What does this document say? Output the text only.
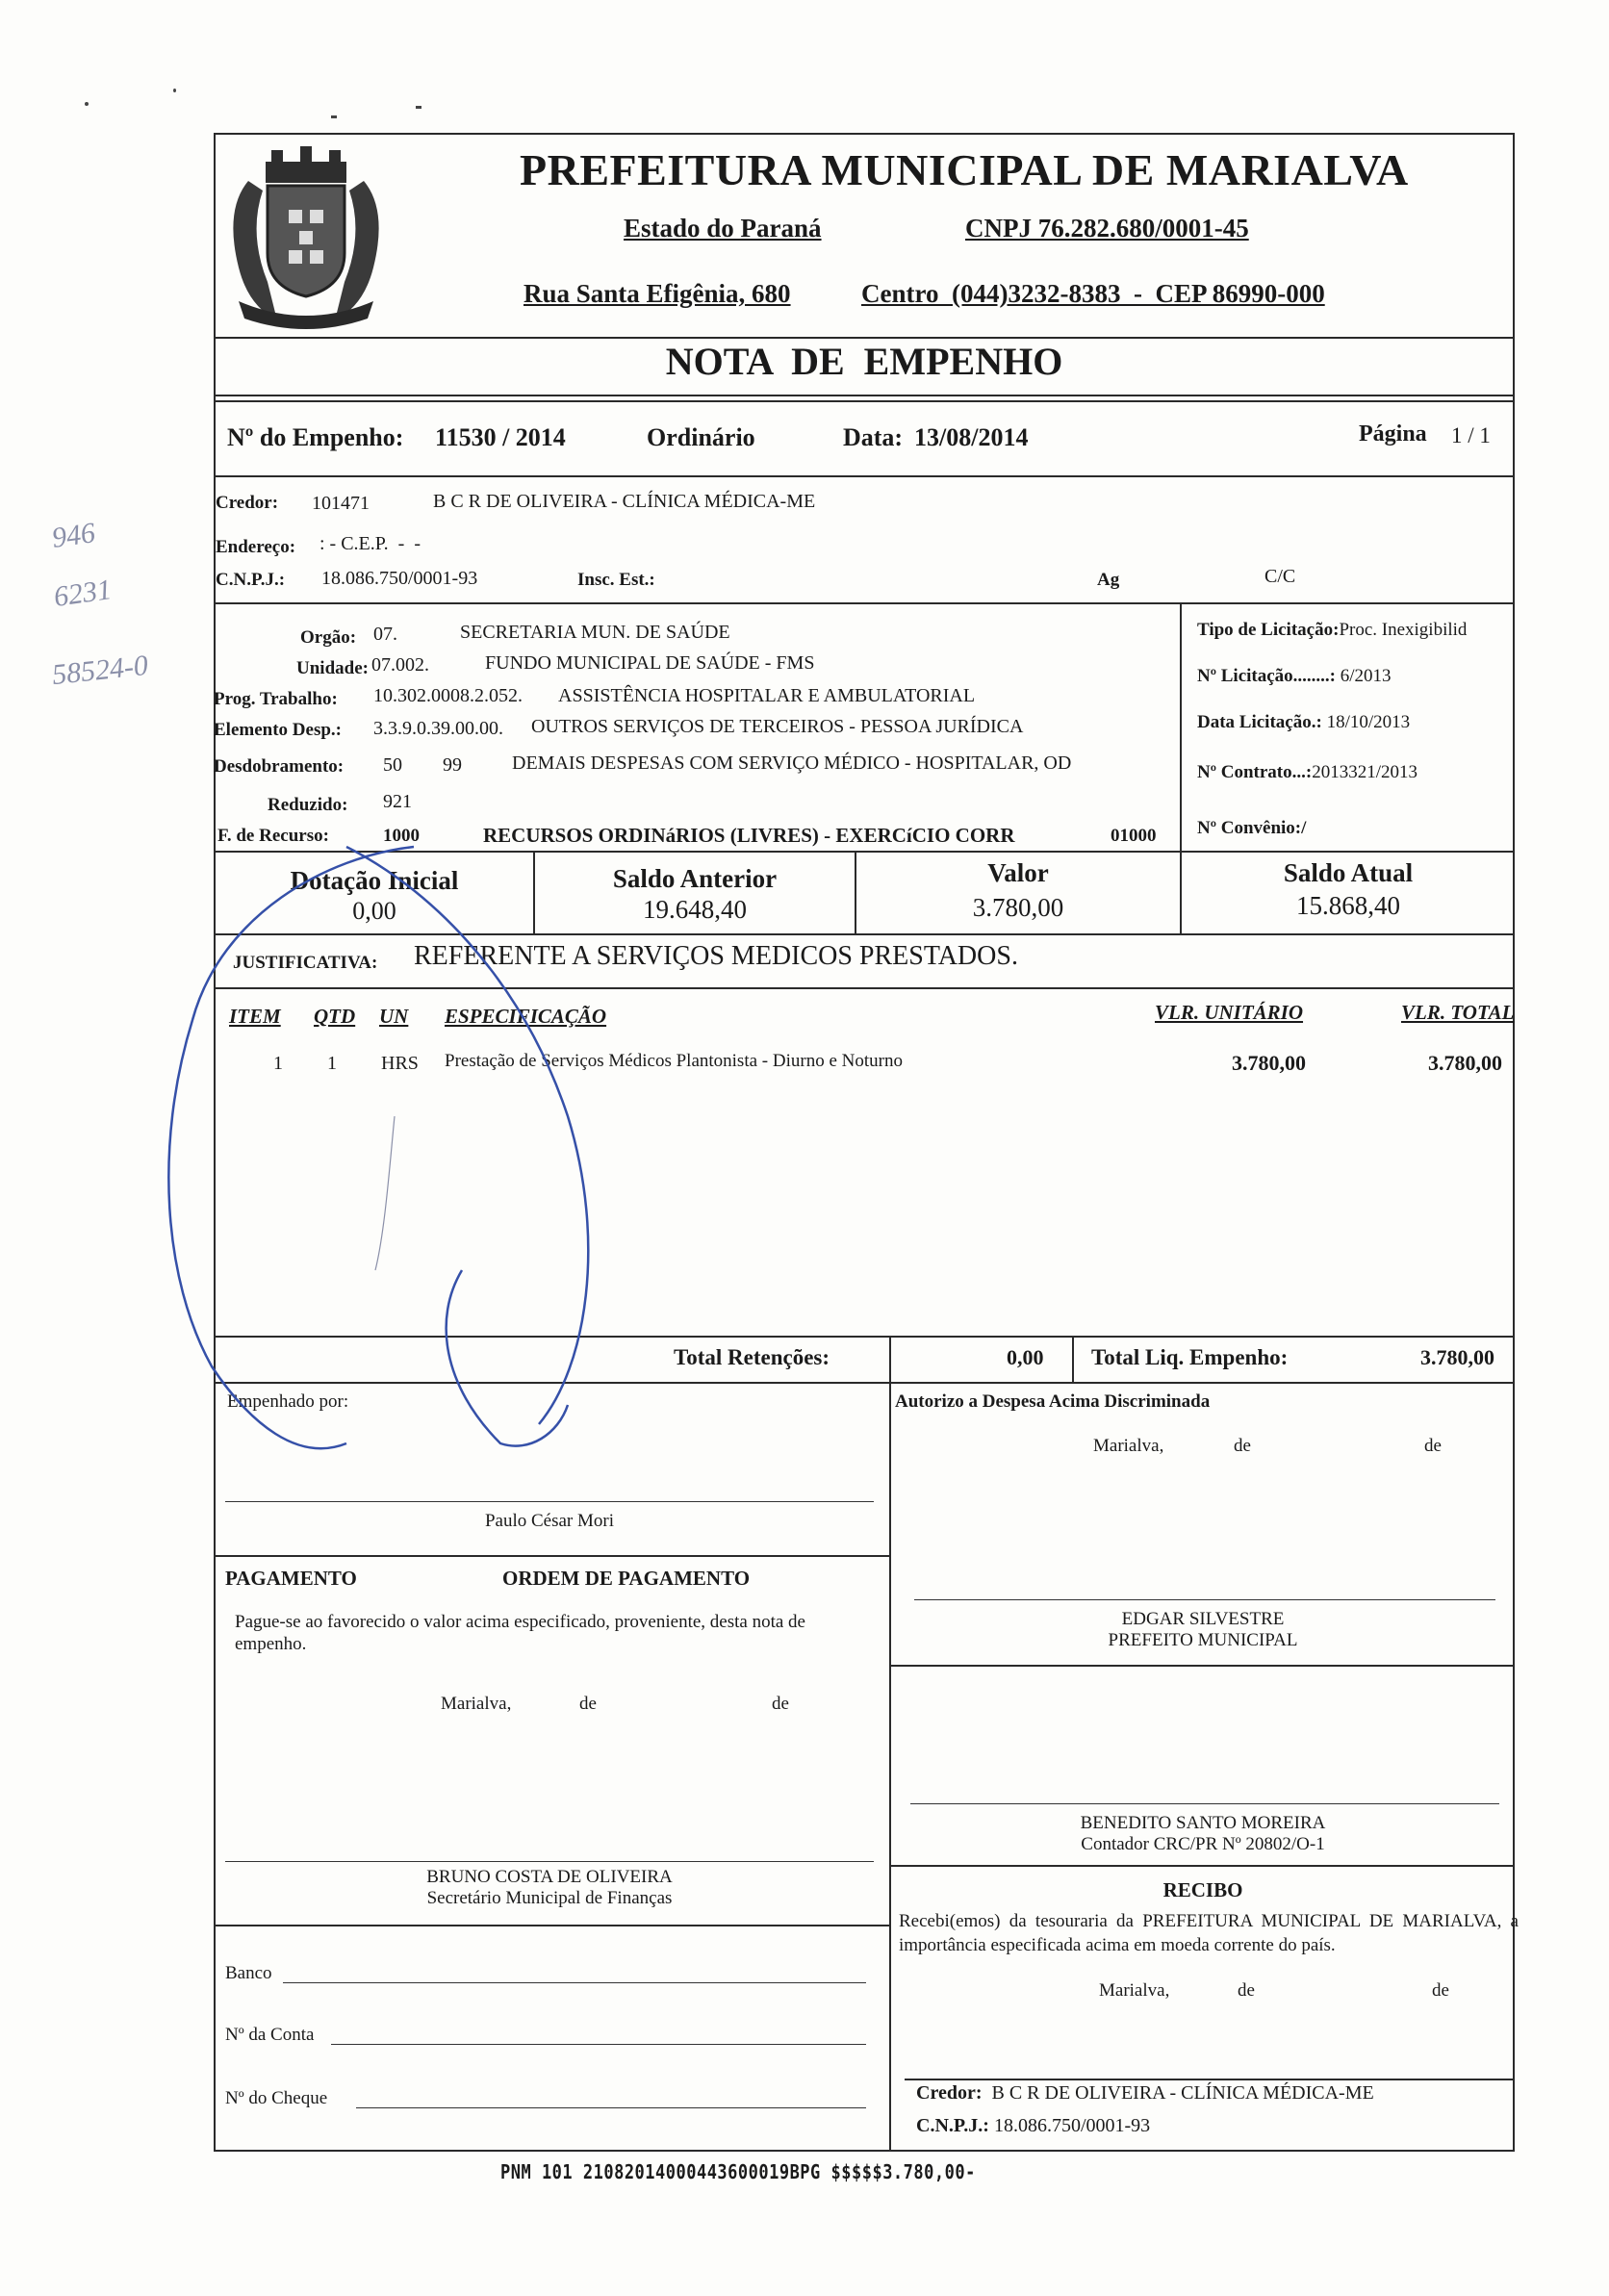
PREFEITURA MUNICIPAL DE MARIALVA
Estado do Paraná	CNPJ 76.282.680/0001-45
Rua Santa Efigênia, 680	Centro  (044)3232-8383  -  CEP 86990-000
NOTA  DE  EMPENHO
Nº do Empenho: 11530 / 2014	Ordinário	Data: 13/08/2014	Página 1 / 1
Credor: 101471	B C R DE OLIVEIRA - CLÍNICA MÉDICA-ME
Endereço: : - C.E.P.  -  -
C.N.P.J.: 18.086.750/0001-93	Insc. Est.:	Ag	C/C
Orgão: 07.	SECRETARIA MUN. DE SAÚDE
Unidade: 07.002.	FUNDO MUNICIPAL DE SAÚDE - FMS
Prog. Trabalho: 10.302.0008.2.052. ASSISTÊNCIA HOSPITALAR E AMBULATORIAL
Elemento Desp.: 3.3.9.0.39.00.00. OUTROS SERVIÇOS DE TERCEIROS - PESSOA JURÍDICA
Desdobramento: 50 99	DEMAIS DESPESAS COM SERVIÇO MÉDICO - HOSPITALAR, OD
Reduzido: 921
F. de Recurso:	1000	RECURSOS ORDINáRIOS (LIVRES) - EXERCíCIO CORR	01000
Tipo de Licitação:Proc. Inexigibilid
Nº Licitação........: 6/2013
Data Licitação.: 18/10/2013
Nº Contrato...:2013321/2013
Nº Convênio:/
Dotação Inicial
0,00
Saldo Anterior
19.648,40
Valor
3.780,00
Saldo Atual
15.868,40
JUSTIFICATIVA: REFERENTE A SERVIÇOS MEDICOS PRESTADOS.
ITEM QTD UN ESPECIFICAÇÃO	VLR. UNITÁRIO	VLR. TOTAL
1 1 HRS Prestação de Serviços Médicos Plantonista - Diurno e Noturno	3.780,00	3.780,00
Total Retenções:	0,00 Total Liq. Empenho:	3.780,00
Empenhado por:
Paulo César Mori
Autorizo a Despesa Acima Discriminada
Marialva,	de	de
EDGAR SILVESTRE
PREFEITO MUNICIPAL
PAGAMENTO	ORDEM DE PAGAMENTO
Pague-se ao favorecido o valor acima especificado, proveniente, desta nota de empenho.
Marialva,	de	de
BENEDITO SANTO MOREIRA
Contador CRC/PR Nº 20802/O-1
BRUNO COSTA DE OLIVEIRA
Secretário Municipal de Finanças	RECIBO
Recebi(emos) da tesouraria da PREFEITURA MUNICIPAL DE MARIALVA, a importância especificada acima em moeda corrente do país.
Marialva,	de	de
Banco
Nº da Conta
Nº do Cheque	Credor: B C R DE OLIVEIRA - CLÍNICA MÉDICA-ME
C.N.P.J.: 18.086.750/0001-93
PNM 101 21082014000443600019BPG $$$$$3.780,00-
946
6231
58524-0
